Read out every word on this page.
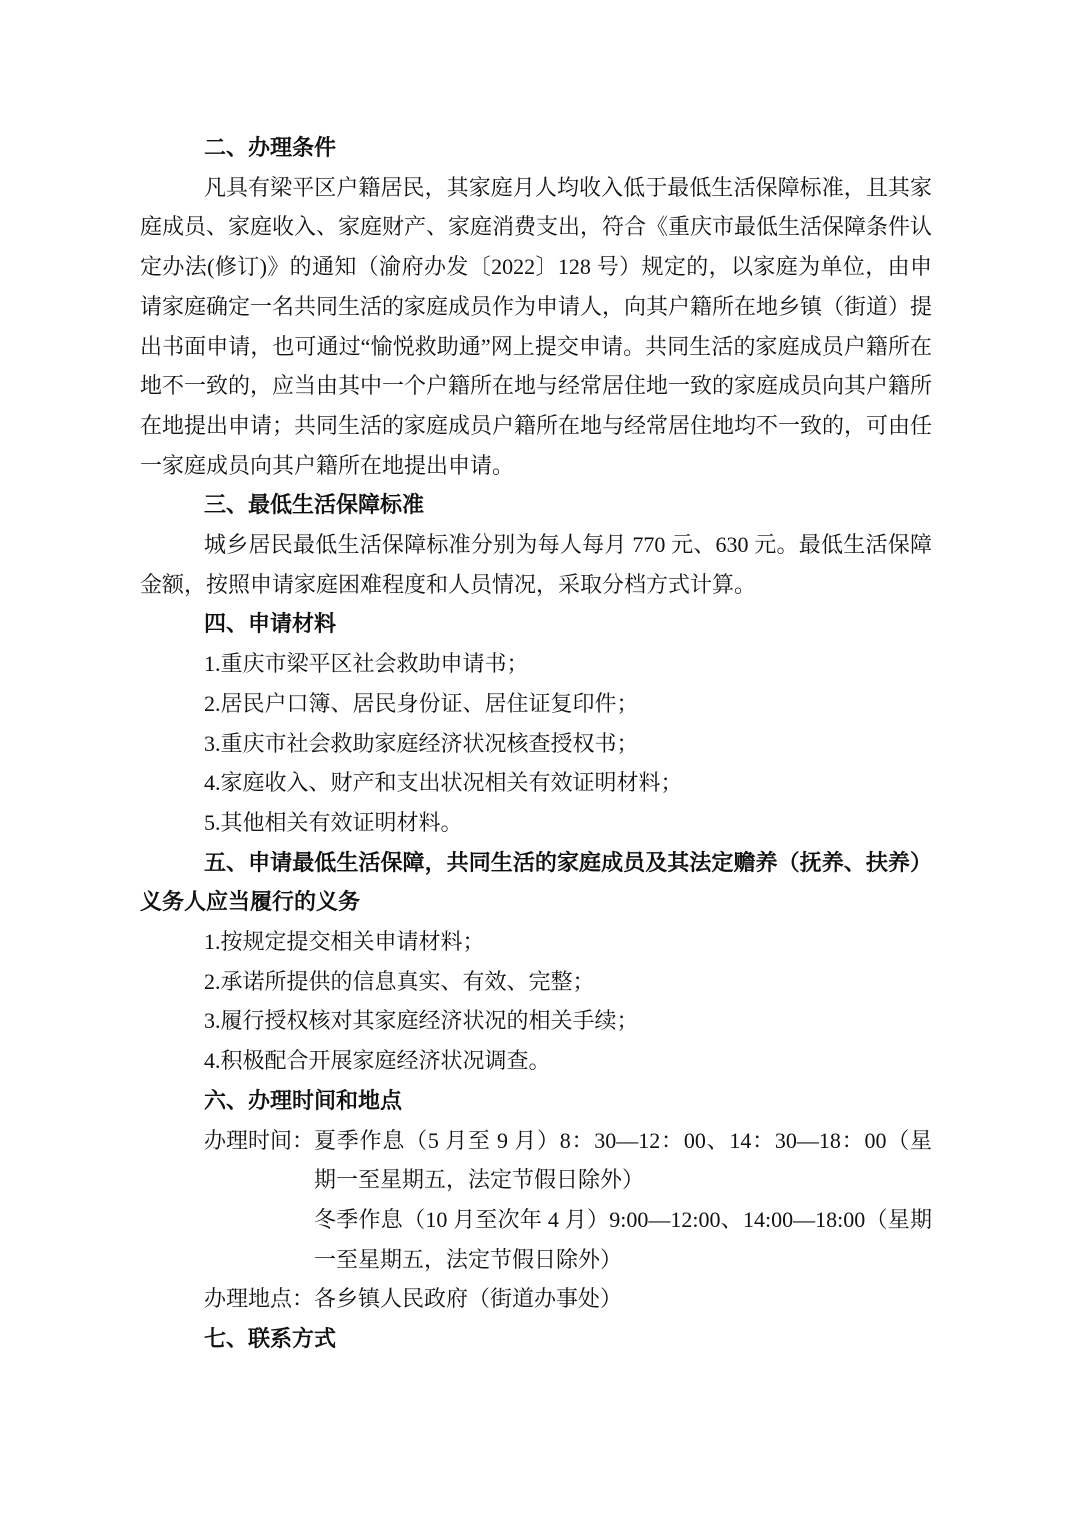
二、办理条件

凡具有梁平区户籍居民，其家庭月人均收入低于最低生活保障标准，且其家庭成员、家庭收入、家庭财产、家庭消费支出，符合《重庆市最低生活保障条件认定办法(修订)》的通知（渝府办发〔2022〕128 号）规定的，以家庭为单位，由申请家庭确定一名共同生活的家庭成员作为申请人，向其户籍所在地乡镇（街道）提出书面申请，也可通过“愉悦救助通”网上提交申请。共同生活的家庭成员户籍所在地不一致的，应当由其中一个户籍所在地与经常居住地一致的家庭成员向其户籍所在地提出申请；共同生活的家庭成员户籍所在地与经常居住地均不一致的，可由任一家庭成员向其户籍所在地提出申请。

三、最低生活保障标准

城乡居民最低生活保障标准分别为每人每月 770 元、630 元。最低生活保障金额，按照申请家庭困难程度和人员情况，采取分档方式计算。

四、申请材料

1.重庆市梁平区社会救助申请书；

2.居民户口簿、居民身份证、居住证复印件；

3.重庆市社会救助家庭经济状况核查授权书；

4.家庭收入、财产和支出状况相关有效证明材料；

5.其他相关有效证明材料。

五、申请最低生活保障，共同生活的家庭成员及其法定赡养（抚养、扶养）义务人应当履行的义务

1.按规定提交相关申请材料；

2.承诺所提供的信息真实、有效、完整；

3.履行授权核对其家庭经济状况的相关手续；

4.积极配合开展家庭经济状况调查。

六、办理时间和地点

办理时间： 夏季作息（5 月至 9 月）8：30—12：00、14：30—18：00（星期一至星期五，法定节假日除外）

冬季作息（10 月至次年 4 月）9:00—12:00、14:00—18:00（星期一至星期五，法定节假日除外）

办理地点： 各乡镇人民政府（街道办事处）

七、联系方式
